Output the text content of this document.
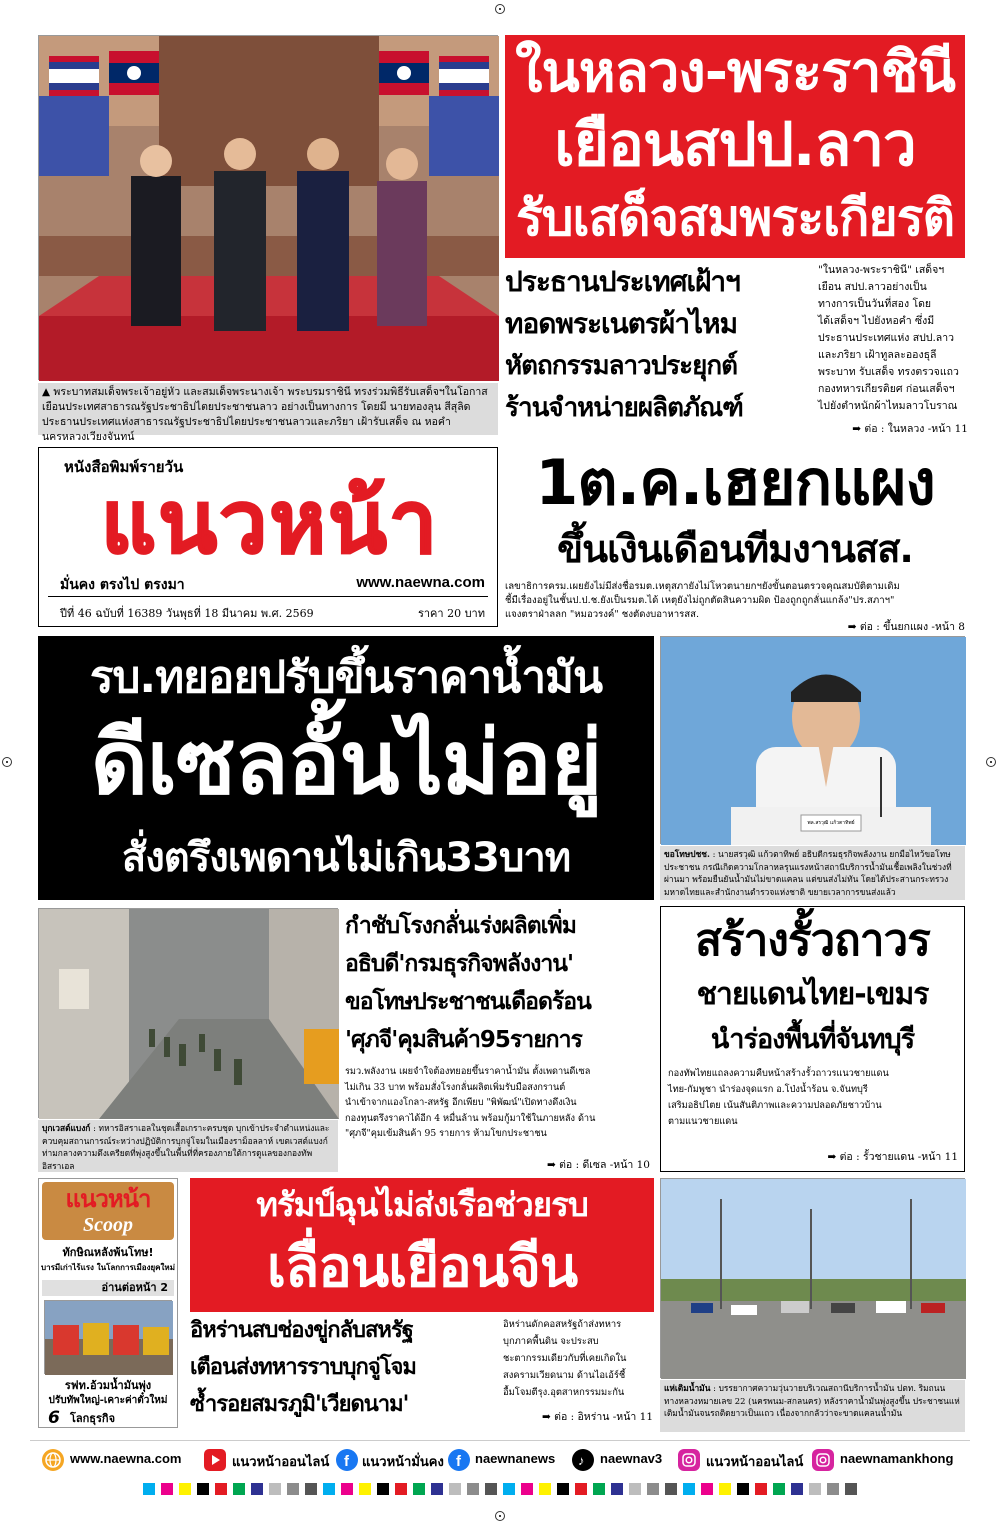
▲ พระบาทสมเด็จพระเจ้าอยู่หัว และสมเด็จพระนางเจ้า พระบรมราชินี ทรงร่วมพิธีรับเสด็จฯในโอกาสเยือนประเทศสาธารณรัฐประชาธิปไตยประชาชนลาว อย่างเป็นทางการ โดยมี นายทองลุน สีสุลิด ประธานประเทศแห่งสาธารณรัฐประชาธิปไตยประชาชนลาวและภริยา เฝ้ารับเสด็จ ณ หอคำ นครหลวงเวียงจันทน์
ในหลวง-พระราชินี
เยือนสปป.ลาว
รับเสด็จสมพระเกียรติ
ประธานประเทศเฝ้าฯ
ทอดพระเนตรผ้าไหม
หัตถกรรมลาวประยุกต์
ร้านจำหน่ายผลิตภัณฑ์
"ในหลวง-พระราชินี" เสด็จฯ
เยือน สปป.ลาวอย่างเป็น
ทางการเป็นวันที่สอง โดย
ได้เสด็จฯ ไปยังหอคำ ซึ่งมี
ประธานประเทศแห่ง สปป.ลาว
และภริยา เฝ้าทูลละอองธุลี
พระบาท รับเสด็จ ทรงตรวจแถว
กองทหารเกียรติยศ ก่อนเสด็จฯ
ไปยังตำหนักผ้าไหมลาวโบราณ
➡ ต่อ : ในหลวง -หน้า 11
หนังสือพิมพ์รายวัน
แนวหน้า
มั่นคง ตรงไป ตรงมา	www.naewna.com
ปีที่ 46 ฉบับที่ 16389 วันพุธที่ 18 มีนาคม พ.ศ. 2569	ราคา 20 บาท
1ต.ค.เฮยกแผง
ขึ้นเงินเดือนทีมงานสส.
เลขาธิการครม.เผยยังไม่มีส่งชื่อรมต.เหตุสภายังไม่โหวตนายกฯยังขั้นตอนตรวจคุณสมบัติตามเดิม
ชี้มีเรื่องอยู่ในชั้นป.ป.ช.ยังเป็นรมต.ได้ เหตุยังไม่ถูกตัดสินความผิด ป้องถูกถูกลั่นแกล้ง"ปร.สภาฯ"
แจงตราฝ่าลลก "หมอวรงค์" ชงตัดงบอาหารสส.
➡ ต่อ : ขึ้นยกแผง -หน้า 8
รบ.ทยอยปรับขึ้นราคาน้ำมัน
ดีเซลอั้นไม่อยู่
สั่งตรึงเพดานไม่เกิน33บาท
พล.สรวุฒิ แก้วตาทิพย์
ขอโทษปชช. : นายสรวุฒิ แก้วตาทิพย์ อธิบดีกรมธุรกิจพลังงาน ยกมือไหว้ขอโทษประชาชน กรณีเกิดความโกลาหลรุนแรงหน้าสถานีบริการน้ำมันเชื้อเพลิงในช่วงที่ผ่านมา พร้อมยืนยันน้ำมันไม่ขาดแคลน แต่ขนส่งไม่ทัน โดยได้ประสานกระทรวงมหาดไทยและสำนักงานตำรวจแห่งชาติ ขยายเวลาการขนส่งแล้ว
บุกเวสต์แบงก์ : ทหารอิสราเอลในชุดเสื้อเกราะครบชุด บุกเข้าประจำตำแหน่งและควบคุมสถานการณ์ระหว่างปฏิบัติการบุกจู่โจมในเมืองราม็อลลาห์ เขตเวสต์แบงก์ ท่ามกลางความตึงเครียดที่พุ่งสูงขึ้นในพื้นที่ที่ครองภายใต้การดูแลของกองทัพอิสราเอล
กำชับโรงกลั่นเร่งผลิตเพิ่ม
อธิบดี'กรมธุรกิจพลังงาน'
ขอโทษประชาชนเดือดร้อน
'ศุภจี'คุมสินค้า95รายการ
รมว.พลังงาน เผยจำใจต้องทยอยขึ้นราคาน้ำมัน ตั้งเพดานดีเซล
ไม่เกิน 33 บาท พร้อมสั่งโรงกลั่นผลิตเพิ่มรับมือสงกรานต์
นำเข้าจากแองโกลา-สหรัฐ อีกเพียบ "พิพัฒน์"เปิดทางดึงเงิน
กองทุนตรึงราคาได้อีก 4 หมื่นล้าน พร้อมกู้มาใช้ในภายหลัง ด้าน
"ศุภจี"คุมเข้มสินค้า 95 รายการ ห้ามโขกประชาชน
➡ ต่อ : ดีเซล -หน้า 10
สร้างรั้วถาวร
ชายแดนไทย-เขมร
นำร่องพื้นที่จันทบุรี
กองทัพไทยแถลงความคืบหน้าสร้างรั้วถาวรแนวชายแดน
ไทย-กัมพูชา นำร่องจุดแรก อ.โป่งน้ำร้อน จ.จันทบุรี
เสริมอธิปไตย เน้นสันติภาพและความปลอดภัยชาวบ้าน
ตามแนวชายแดน
➡ ต่อ : รั้วชายแดน -หน้า 11
แนวหน้า
Scoop
ทักษิณหลังพ้นโทษ!
บารมีเก่าไร้แรง ในโลกการเมืองยุคใหม่
อ่านต่อหน้า 2
รฟท.อ้วมน้ำมันพุ่ง
ปรับทัพใหญ่-เคาะค่าตั๋วใหม่
6 โลกธุรกิจ
ทรัมป์ฉุนไม่ส่งเรือช่วยรบ
เลื่อนเยือนจีน
อิหร่านสบช่องขู่กลับสหรัฐ
เตือนส่งทหารราบบุกจู่โจม
ซ้ำรอยสมรภูมิ'เวียดนาม'
อิหร่านดักคอสหรัฐถ้าส่งทหาร
บุกภาคพื้นดิน จะประสบ
ชะตากรรมเดียวกับที่เคยเกิดใน
สงครามเวียดนาม ด้านไอเอ้ร์ชี้
อื้มโจมตีรุง.อุตสาหกรรมมะกัน
➡ ต่อ : อิหร่าน -หน้า 11
แห่เติมน้ำมัน : บรรยากาศความวุ่นวายบริเวณสถานีบริการน้ำมัน ปตท. ริมถนนทางหลวงหมายเลข 22 (นครพนม-สกลนคร) หลังราคาน้ำมันพุ่งสูงขึ้น ประชาชนแห่เติมน้ำมันจนรถติดยาวเป็นแถว เนื่องจากกลัวว่าจะขาดแคลนน้ำมัน
www.naewna.com	แนวหน้าออนไลน์ f แนวหน้ามั่นคง f naewnanews ♪ naewnav3	แนวหน้าออนไลน์	naewnamankhong
